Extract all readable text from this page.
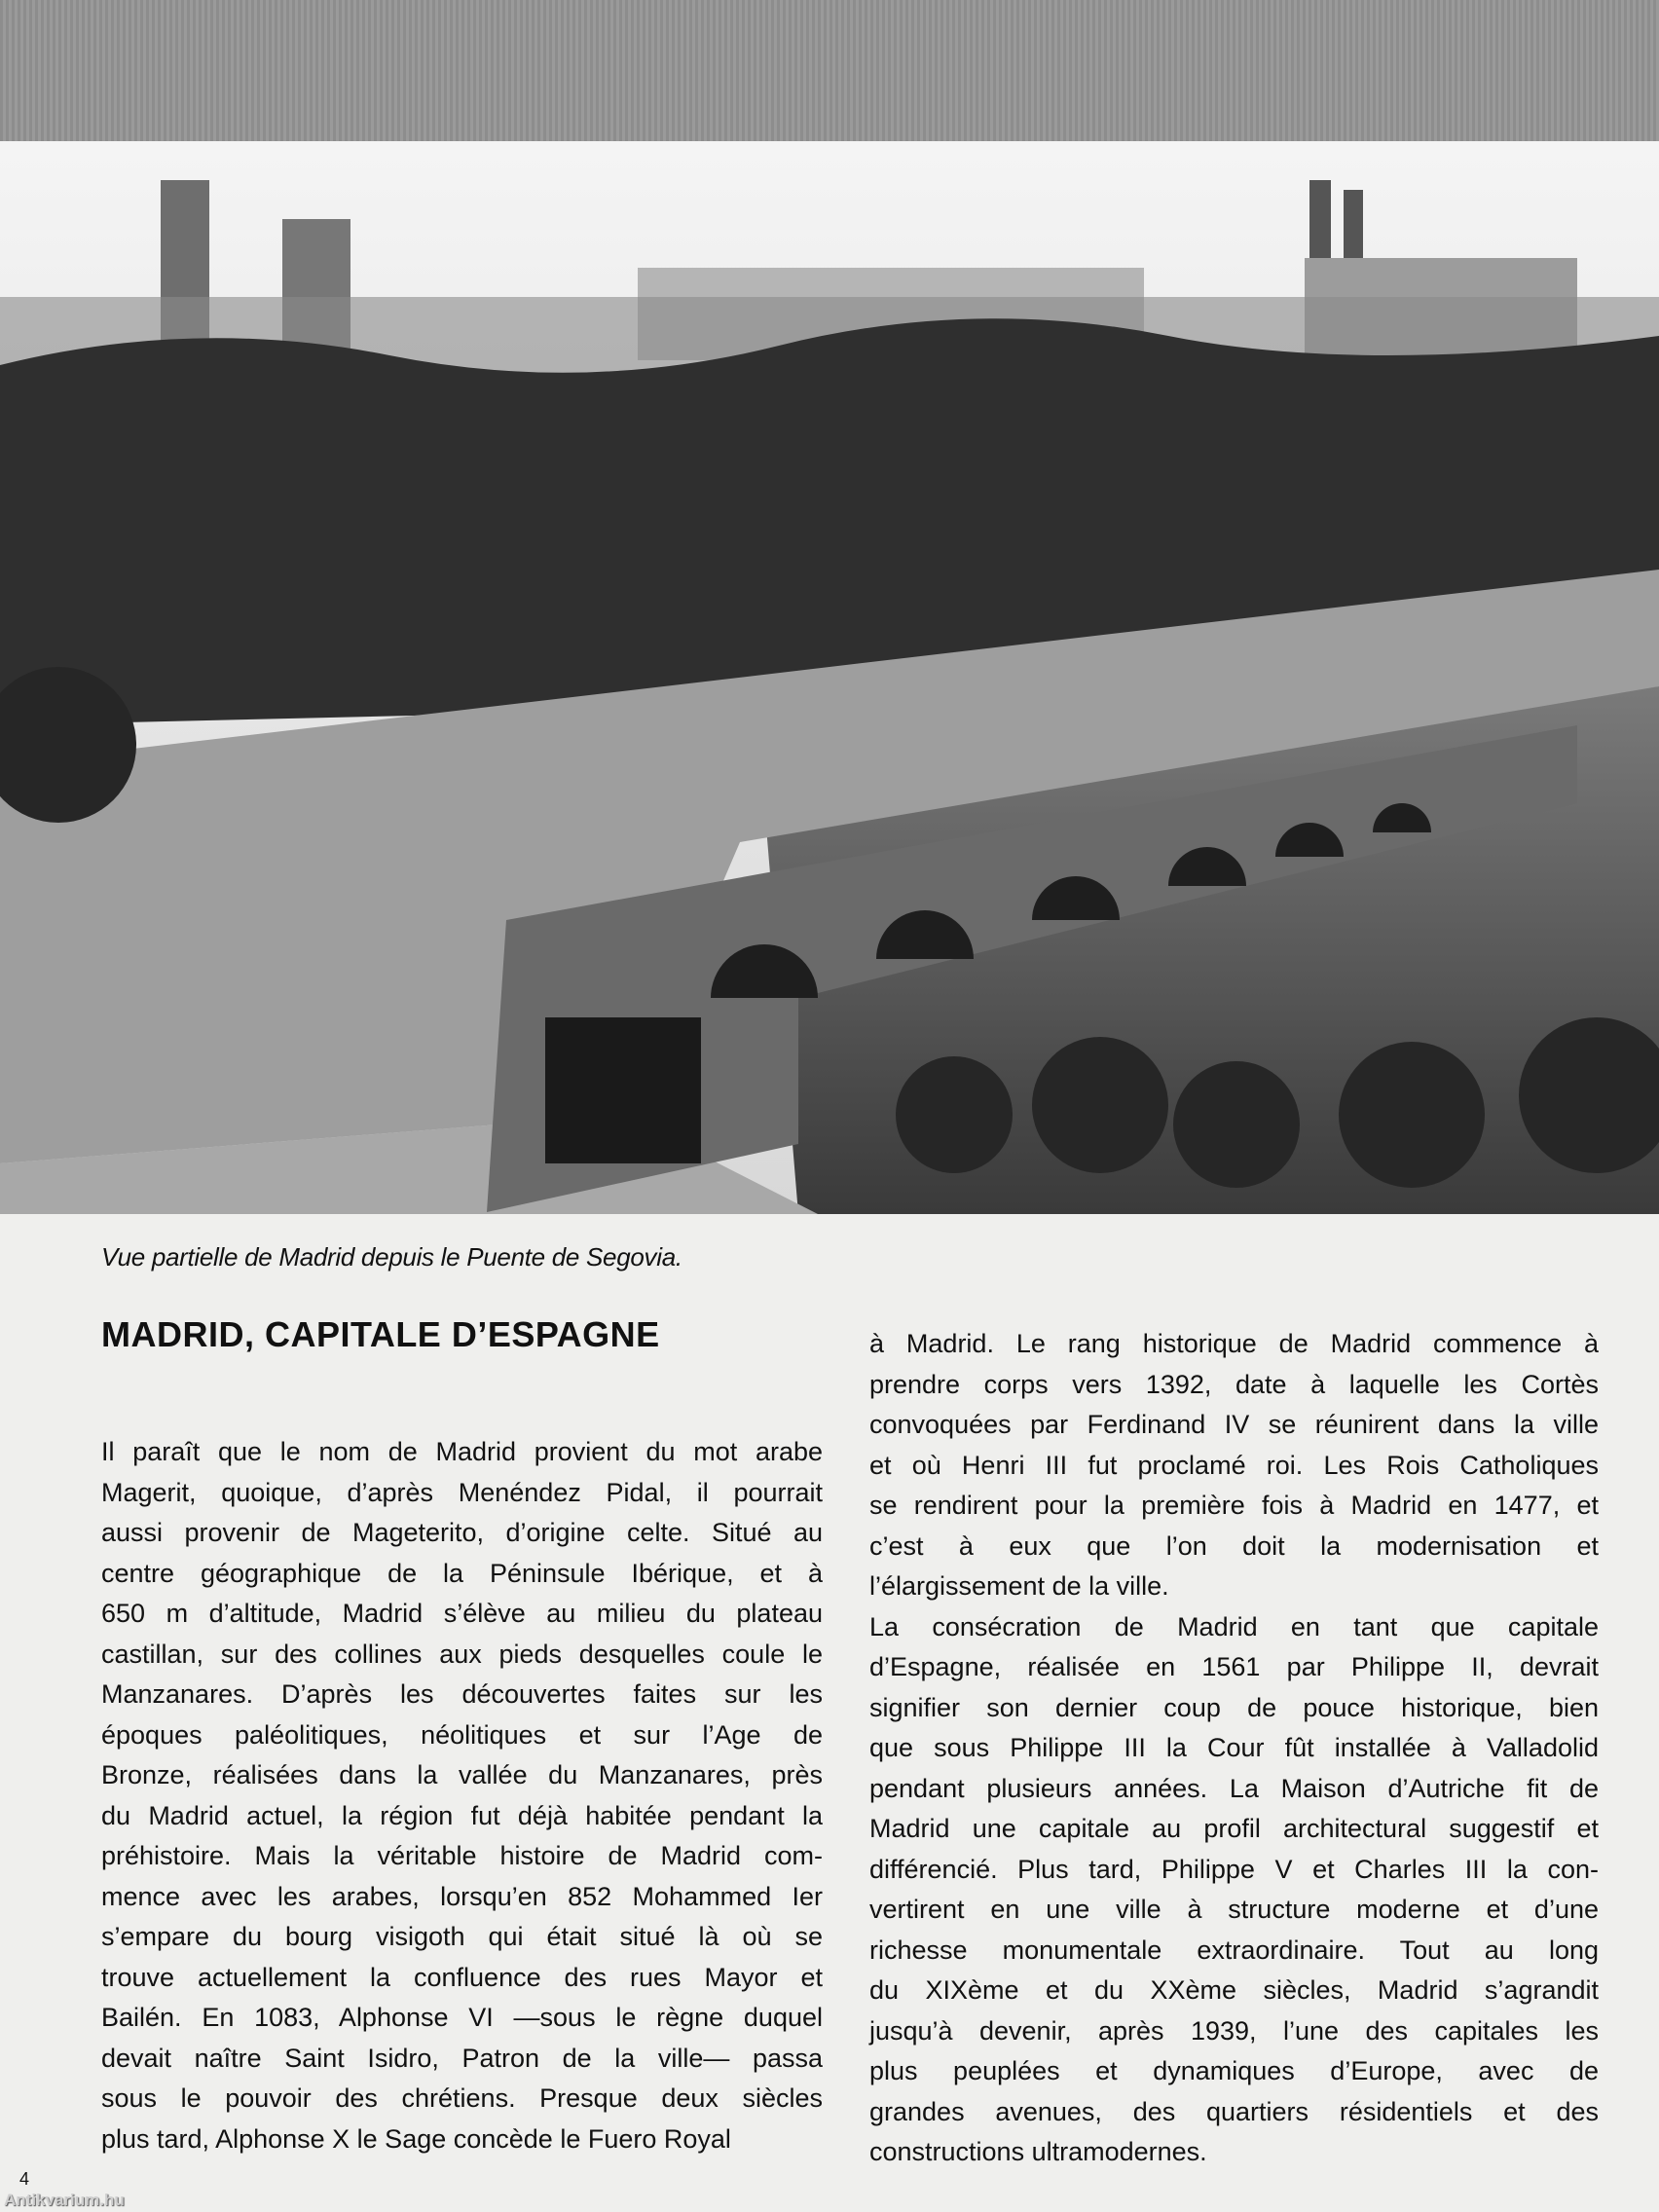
Vue partielle de Madrid depuis le Puente de Segovia.
MADRID, CAPITALE D’ESPAGNE
Il paraît que le nom de Madrid provient du mot arabe
Magerit, quoique, d’après Menéndez Pidal, il pourrait
aussi provenir de Mageterito, d’origine celte. Situé au
centre géographique de la Péninsule Ibérique, et à
650 m d’altitude, Madrid s’élève au milieu du plateau
castillan, sur des collines aux pieds desquelles coule le
Manzanares. D’après les découvertes faites sur les
époques paléolitiques, néolitiques et sur l’Age de
Bronze, réalisées dans la vallée du Manzanares, près
du Madrid actuel, la région fut déjà habitée pendant la
préhistoire. Mais la véritable histoire de Madrid com-
mence avec les arabes, lorsqu’en 852 Mohammed Ier
s’empare du bourg visigoth qui était situé là où se
trouve actuellement la confluence des rues Mayor et
Bailén. En 1083, Alphonse VI —sous le règne duquel
devait naître Saint Isidro, Patron de la ville— passa
sous le pouvoir des chrétiens. Presque deux siècles
plus tard, Alphonse X le Sage concède le Fuero Royal
à Madrid. Le rang historique de Madrid commence à
prendre corps vers 1392, date à laquelle les Cortès
convoquées par Ferdinand IV se réunirent dans la ville
et où Henri III fut proclamé roi. Les Rois Catholiques
se rendirent pour la première fois à Madrid en 1477, et
c’est à eux que l’on doit la modernisation et
l’élargissement de la ville.
La consécration de Madrid en tant que capitale
d’Espagne, réalisée en 1561 par Philippe II, devrait
signifier son dernier coup de pouce historique, bien
que sous Philippe III la Cour fût installée à Valladolid
pendant plusieurs années. La Maison d’Autriche fit de
Madrid une capitale au profil architectural suggestif et
différencié. Plus tard, Philippe V et Charles III la con-
vertirent en une ville à structure moderne et d’une
richesse monumentale extraordinaire. Tout au long
du XIXème et du XXème siècles, Madrid s’agrandit
jusqu’à devenir, après 1939, l’une des capitales les
plus peuplées et dynamiques d’Europe, avec de
grandes avenues, des quartiers résidentiels et des
constructions ultramodernes.
4
Antikvarium.hu
